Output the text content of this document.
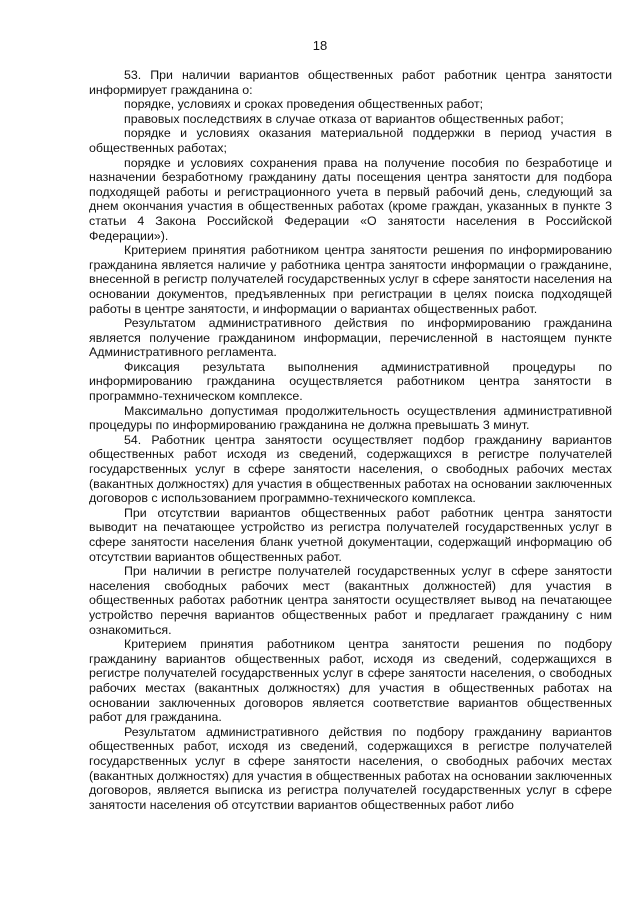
18

53. При наличии вариантов общественных работ работник центра занятости информирует гражданина о:

порядке, условиях и сроках проведения общественных работ;

правовых последствиях в случае отказа от вариантов общественных работ;

порядке и условиях оказания материальной поддержки в период участия в общественных работах;

порядке и условиях сохранения права на получение пособия по безработице и назначении безработному гражданину даты посещения центра занятости для подбора подходящей работы и регистрационного учета в первый рабочий день, следующий за днем окончания участия в общественных работах (кроме граждан, указанных в пункте 3 статьи 4 Закона Российской Федерации «О занятости населения в Российской Федерации»).

Критерием принятия работником центра занятости решения по информированию гражданина является наличие у работника центра занятости информации о гражданине, внесенной в регистр получателей государственных услуг в сфере занятости населения на основании документов, предъявленных при регистрации в целях поиска подходящей работы в центре занятости, и информации о вариантах общественных работ.

Результатом административного действия по информированию гражданина является получение гражданином информации, перечисленной в настоящем пункте Административного регламента.

Фиксация результата выполнения административной процедуры по информированию гражданина осуществляется работником центра занятости в программно-техническом комплексе.

Максимально допустимая продолжительность осуществления административной процедуры по информированию гражданина не должна превышать 3 минут.

54. Работник центра занятости осуществляет подбор гражданину вариантов общественных работ исходя из сведений, содержащихся в регистре получателей государственных услуг в сфере занятости населения, о свободных рабочих местах (вакантных должностях) для участия в общественных работах на основании заключенных договоров с использованием программно-технического комплекса.

При отсутствии вариантов общественных работ работник центра занятости выводит на печатающее устройство из регистра получателей государственных услуг в сфере занятости населения бланк учетной документации, содержащий информацию об отсутствии вариантов общественных работ.

При наличии в регистре получателей государственных услуг в сфере занятости населения свободных рабочих мест (вакантных должностей) для участия в общественных работах работник центра занятости осуществляет вывод на печатающее устройство перечня вариантов общественных работ и предлагает гражданину с ним ознакомиться.

Критерием принятия работником центра занятости решения по подбору гражданину вариантов общественных работ, исходя из сведений, содержащихся в регистре получателей государственных услуг в сфере занятости населения, о свободных рабочих местах (вакантных должностях) для участия в общественных работах на основании заключенных договоров является соответствие вариантов общественных работ для гражданина.

Результатом административного действия по подбору гражданину вариантов общественных работ, исходя из сведений, содержащихся в регистре получателей государственных услуг в сфере занятости населения, о свободных рабочих местах (вакантных должностях) для участия в общественных работах на основании заключенных договоров, является выписка из регистра получателей государственных услуг в сфере занятости населения об отсутствии вариантов общественных работ либо
